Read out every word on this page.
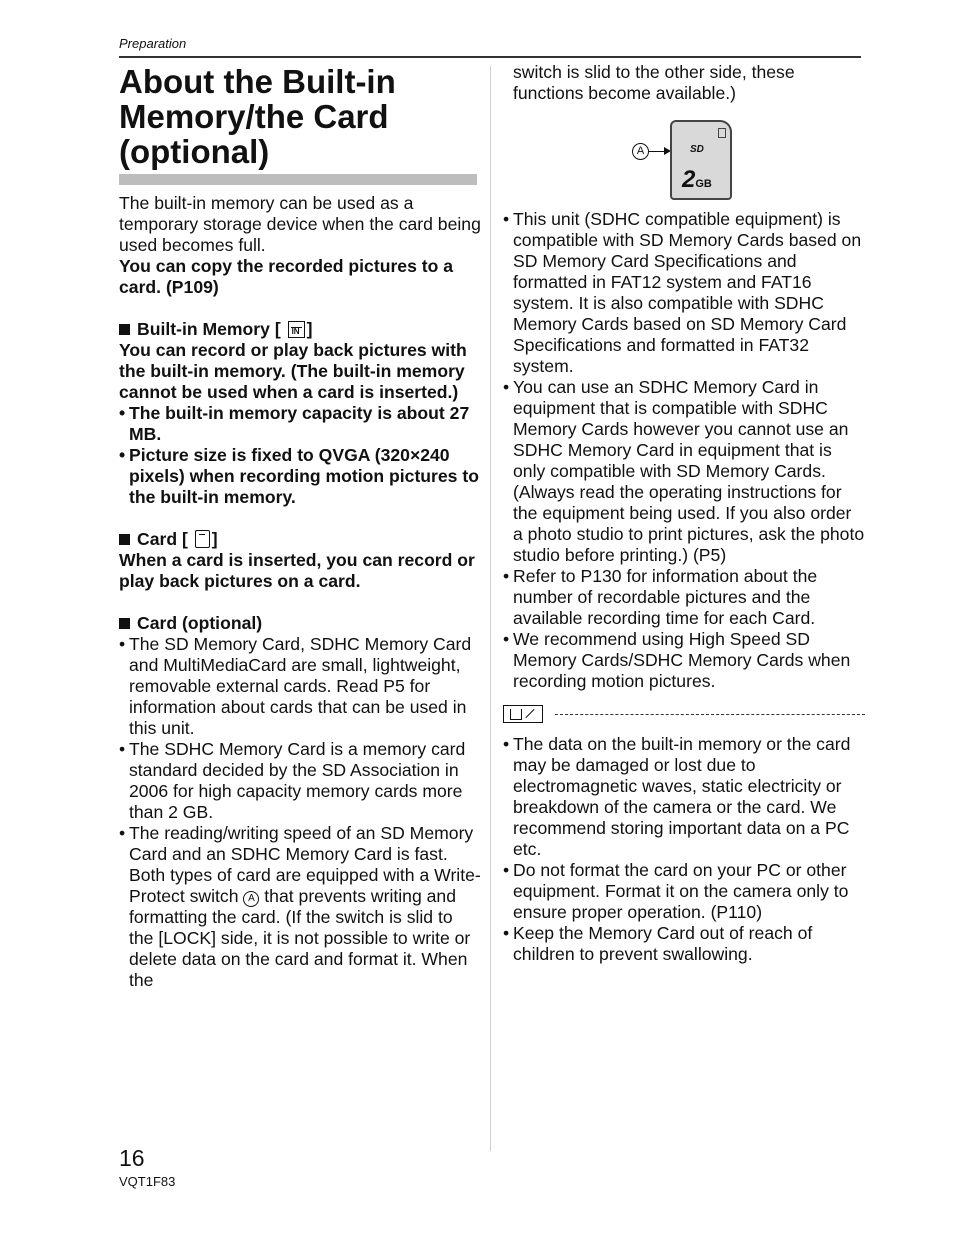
Preparation
About the Built-in Memory/the Card (optional)

The built-in memory can be used as a temporary storage device when the card being used becomes full.

You can copy the recorded pictures to a card. (P109)

Built-in Memory [ IN ]

You can record or play back pictures with the built-in memory. (The built-in memory cannot be used when a card is inserted.)

• The built-in memory capacity is about 27 MB.
• Picture size is fixed to QVGA (320×240 pixels) when recording motion pictures to the built-in memory.

Card [ ]

When a card is inserted, you can record or play back pictures on a card.

Card (optional)

• The SD Memory Card, SDHC Memory Card and MultiMediaCard are small, lightweight, removable external cards. Read P5 for information about cards that can be used in this unit.
• The SDHC Memory Card is a memory card standard decided by the SD Association in 2006 for high capacity memory cards more than 2 GB.
• The reading/writing speed of an SD Memory Card and an SDHC Memory Card is fast. Both types of card are equipped with a Write-Protect switch A that prevents writing and formatting the card. (If the switch is slid to the [LOCK] side, it is not possible to write or delete data on the card and format it. When the

switch is slid to the other side, these functions become available.)

A	SD
2GB
• This unit (SDHC compatible equipment) is compatible with SD Memory Cards based on SD Memory Card Specifications and formatted in FAT12 system and FAT16 system. It is also compatible with SDHC Memory Cards based on SD Memory Card Specifications and formatted in FAT32 system.
• You can use an SDHC Memory Card in equipment that is compatible with SDHC Memory Cards however you cannot use an SDHC Memory Card in equipment that is only compatible with SD Memory Cards. (Always read the operating instructions for the equipment being used. If you also order a photo studio to print pictures, ask the photo studio before printing.) (P5)
• Refer to P130 for information about the number of recordable pictures and the available recording time for each Card.
• We recommend using High Speed SD Memory Cards/SDHC Memory Cards when recording motion pictures.
• The data on the built-in memory or the card may be damaged or lost due to electromagnetic waves, static electricity or breakdown of the camera or the card. We recommend storing important data on a PC etc.
• Do not format the card on your PC or other equipment. Format it on the camera only to ensure proper operation. (P110)
• Keep the Memory Card out of reach of children to prevent swallowing.
16
VQT1F83
